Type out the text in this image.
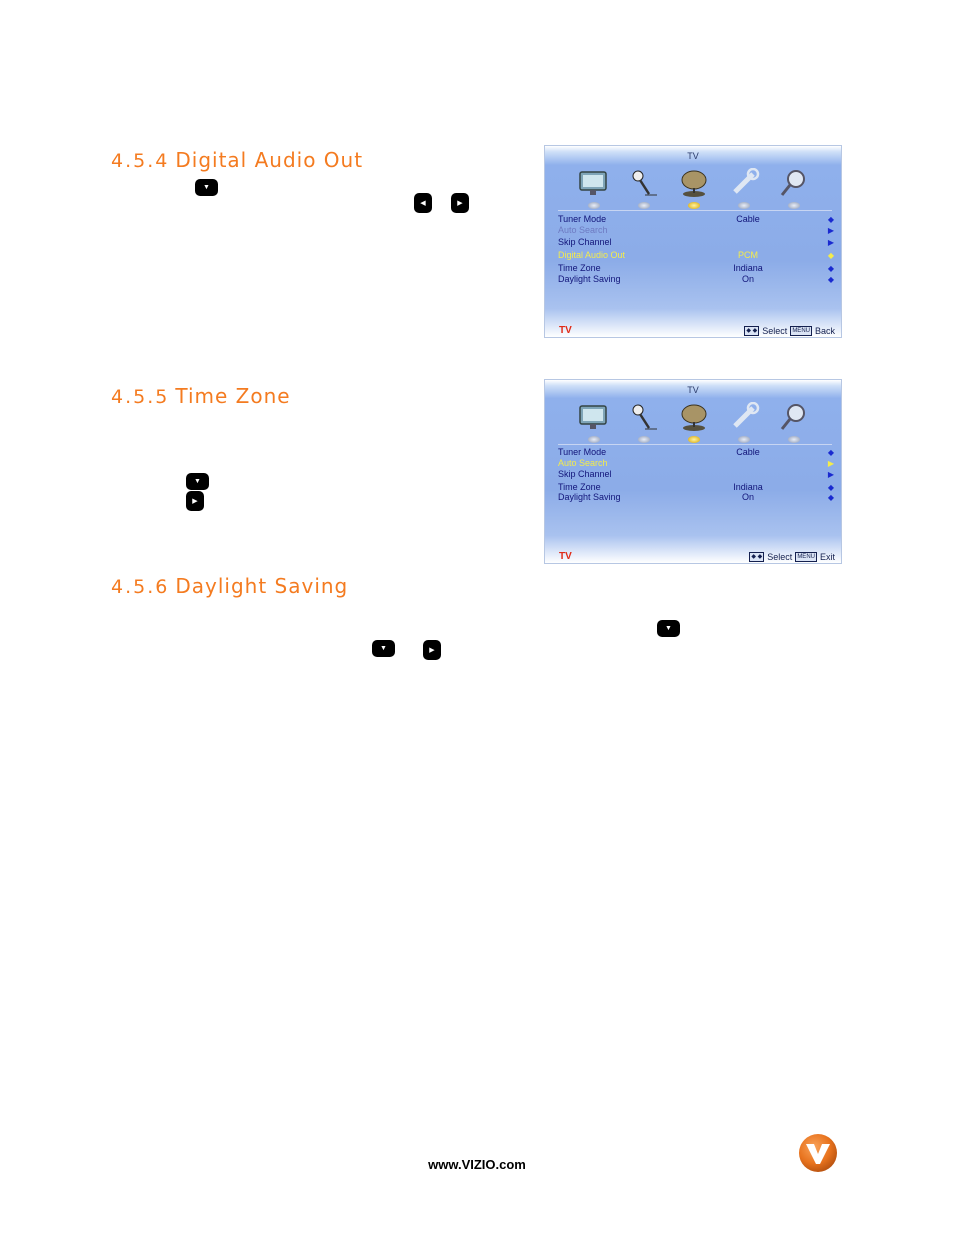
4.5.4 Digital Audio Out
4.5.5 Time Zone
4.5.6 Daylight Saving
▼
◀	▶
▼
▶
▼
▼	▶
TV
Tuner Mode	Cable	◆
Auto Search	▶
Skip Channel	▶
Digital Audio Out	PCM	◆
Time Zone	Indiana	◆
Daylight Saving	On	◆
TV	◆ ◆ Select MENU Back
TV
Tuner Mode	Cable	◆
Auto Search	▶
Skip Channel	▶
Time Zone	Indiana	◆
Daylight Saving	On	◆
TV	◆ ◆ Select MENU Exit
www.VIZIO.com
